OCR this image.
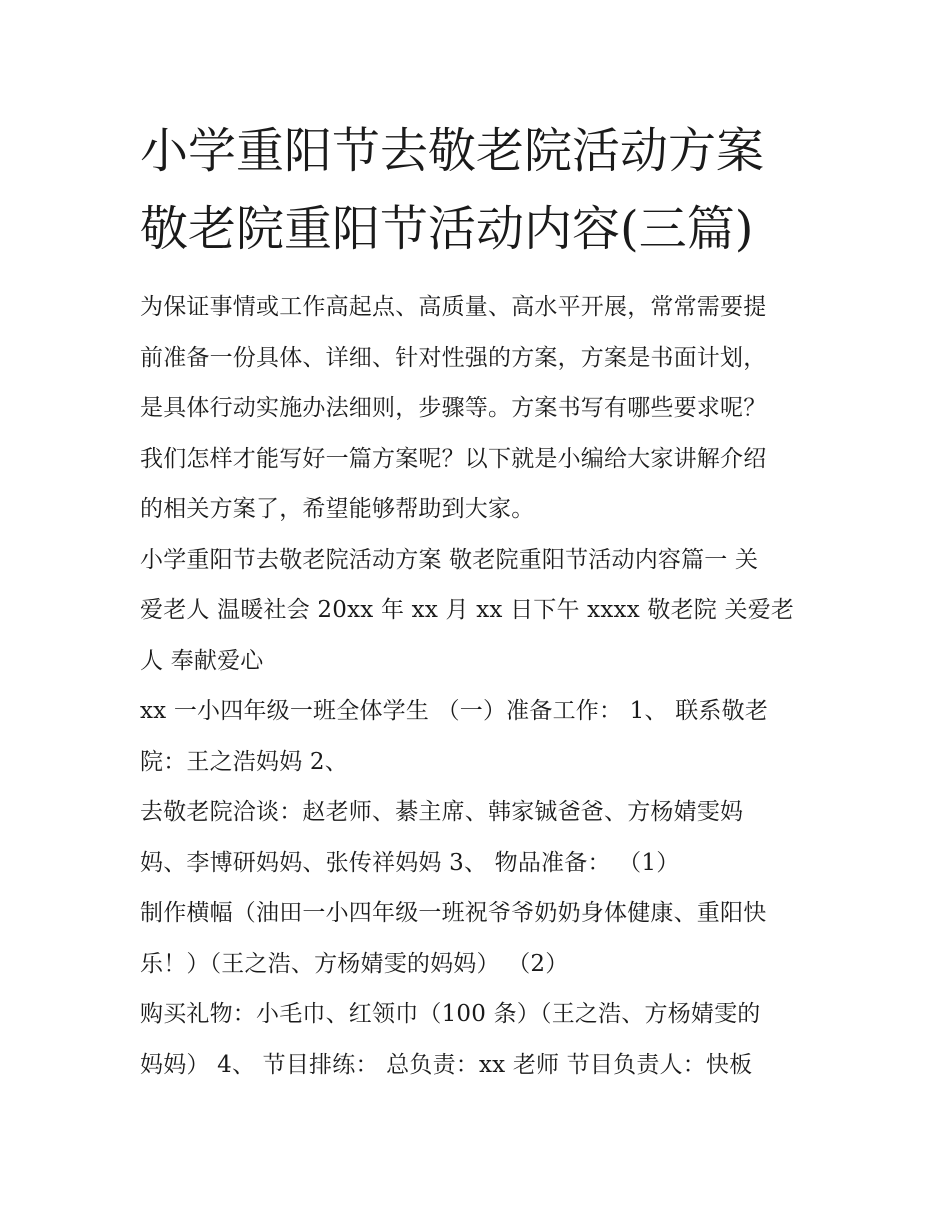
小学重阳节去敬老院活动方案
敬老院重阳节活动内容(三篇)

为保证事情或工作高起点、高质量、高水平开展，常常需要提
前准备一份具体、详细、针对性强的方案，方案是书面计划，
是具体行动实施办法细则，步骤等。方案书写有哪些要求呢？
我们怎样才能写好一篇方案呢？以下就是小编给大家讲解介绍
的相关方案了，希望能够帮助到大家。

小学重阳节去敬老院活动方案 敬老院重阳节活动内容篇一 关
爱老人 温暖社会 20xx 年 xx 月 xx 日下午 xxxx 敬老院 关爱老
人 奉献爱心

xx 一小四年级一班全体学生 （一）准备工作： 1、 联系敬老
院：王之浩妈妈 2、

去敬老院洽谈：赵老师、綦主席、韩家铖爸爸、方杨婧雯妈
妈、李博研妈妈、张传祥妈妈 3、 物品准备： （1）

制作横幅（油田一小四年级一班祝爷爷奶奶身体健康、重阳快
乐！）（王之浩、方杨婧雯的妈妈） （2）

购买礼物：小毛巾、红领巾（100 条）（王之浩、方杨婧雯的
妈妈） 4、 节目排练： 总负责：xx 老师 节目负责人：快板
